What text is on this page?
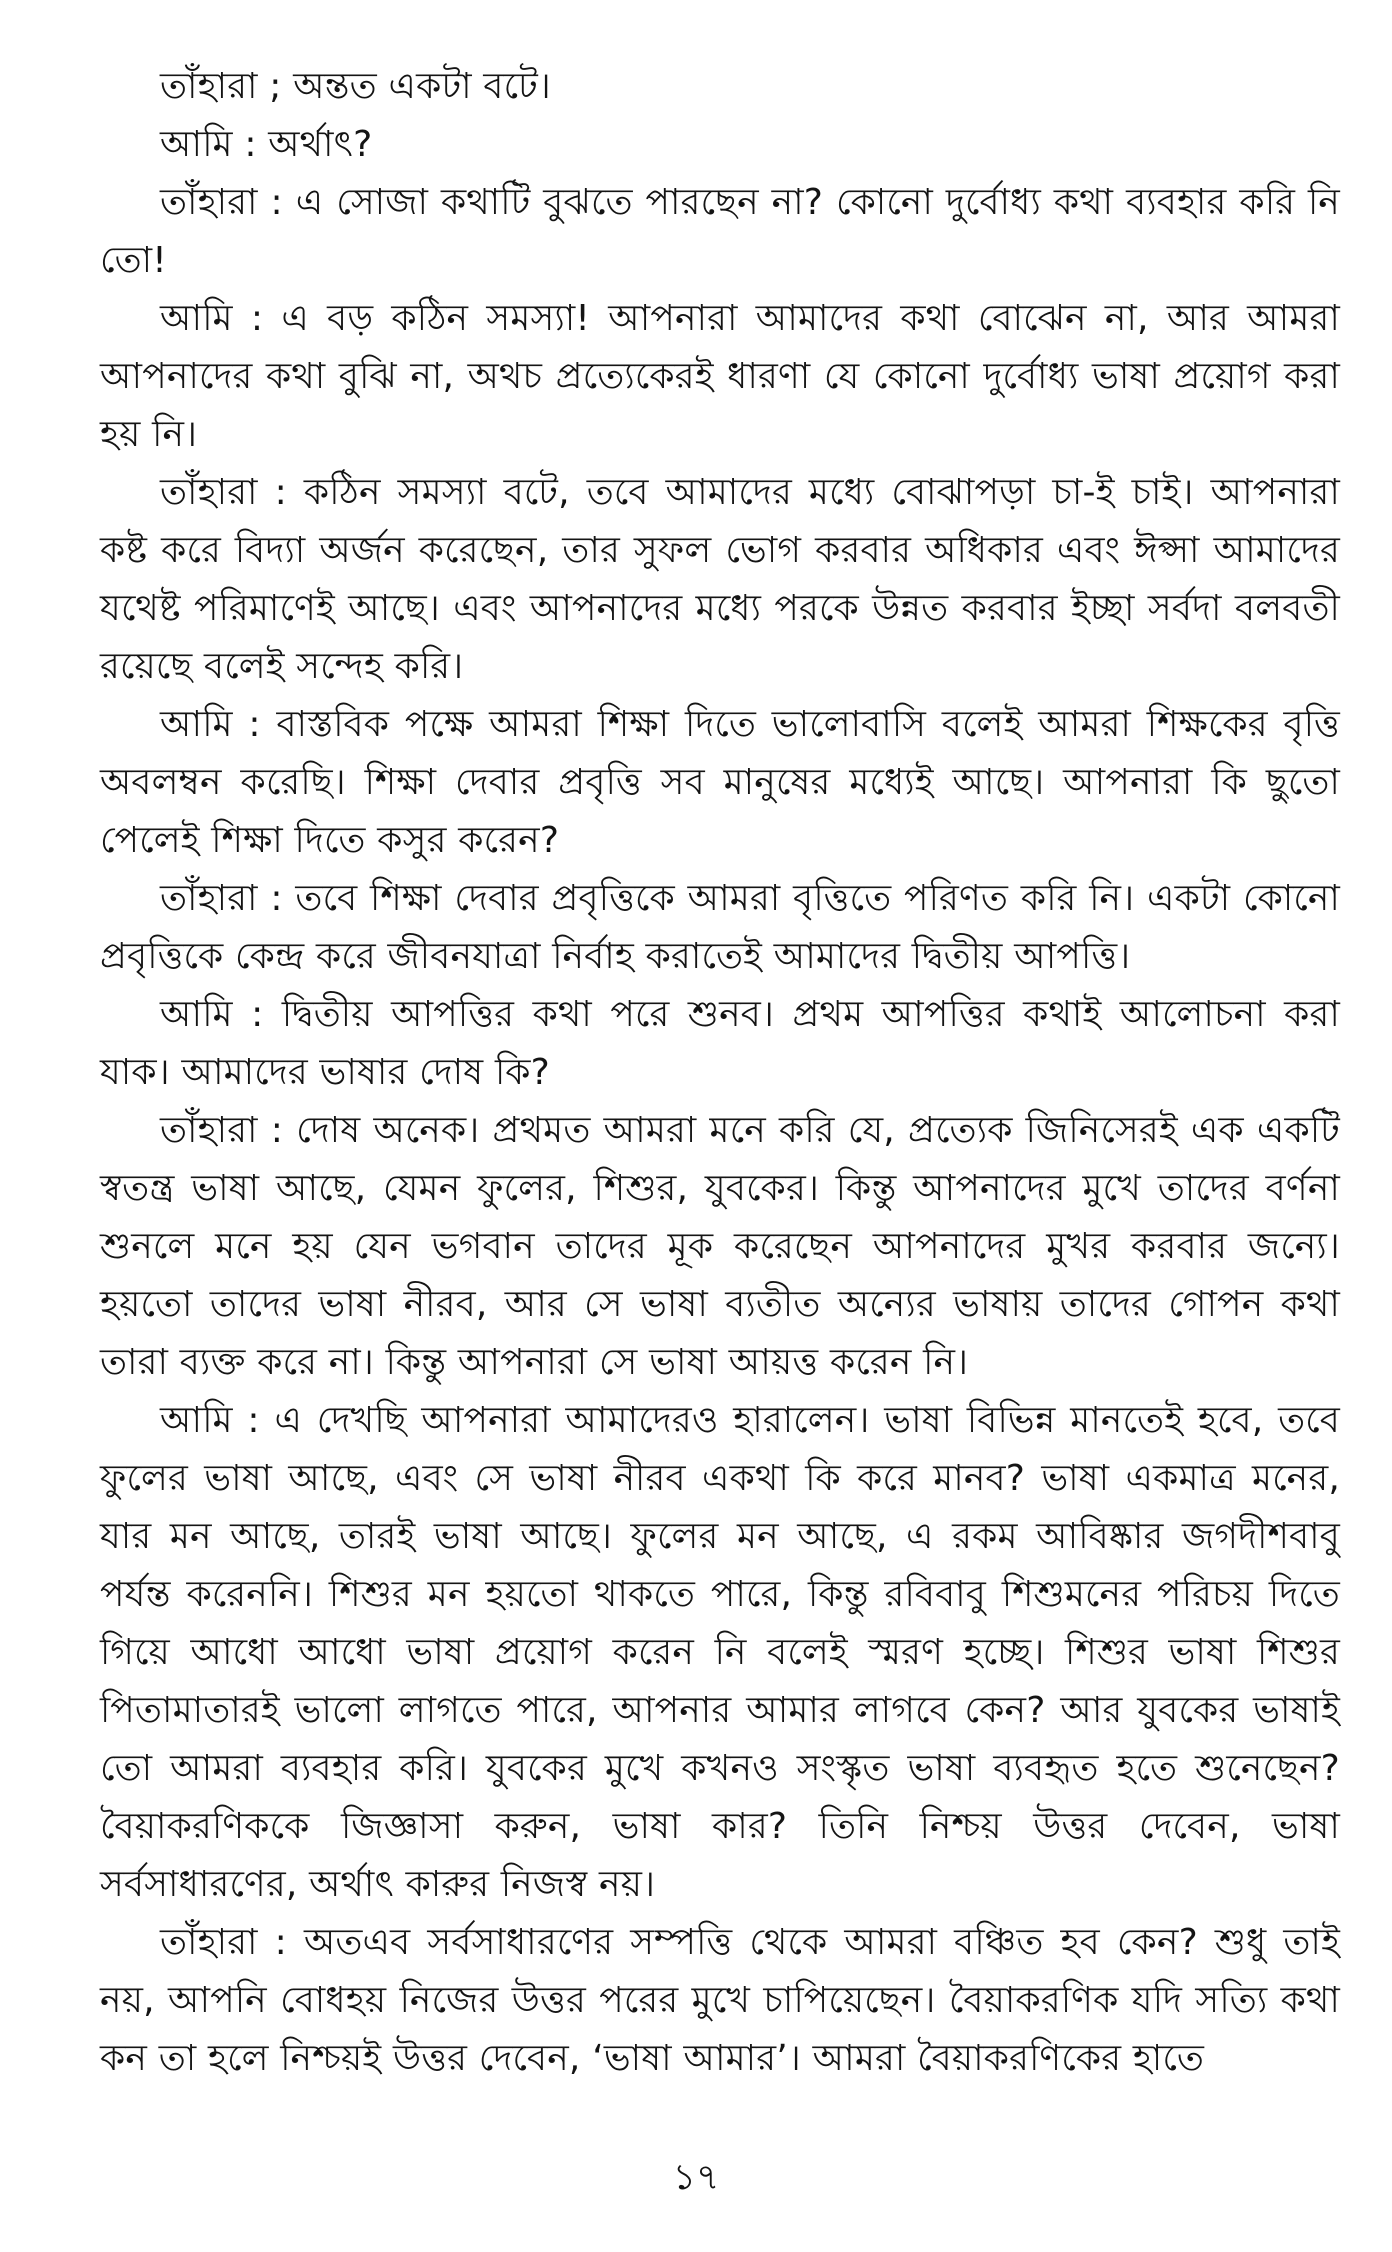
তাঁহারা ; অন্তত একটা বটে।

আমি : অর্থাৎ?

তাঁহারা : এ সোজা কথাটি বুঝতে পারছেন না? কোনো দুর্বোধ্য কথা ব্যবহার করি নি তো!

আমি : এ বড় কঠিন সমস্যা! আপনারা আমাদের কথা বোঝেন না, আর আমরা আপনাদের কথা বুঝি না, অথচ প্রত্যেকেরই ধারণা যে কোনো দুর্বোধ্য ভাষা প্রয়োগ করা হয় নি।

তাঁহারা : কঠিন সমস্যা বটে, তবে আমাদের মধ্যে বোঝাপড়া চা-ই চাই। আপনারা কষ্ট করে বিদ্যা অর্জন করেছেন, তার সুফল ভোগ করবার অধিকার এবং ঈপ্সা আমাদের যথেষ্ট পরিমাণেই আছে। এবং আপনাদের মধ্যে পরকে উন্নত করবার ইচ্ছা সর্বদা বলবতী রয়েছে বলেই সন্দেহ করি।

আমি : বাস্তবিক পক্ষে আমরা শিক্ষা দিতে ভালোবাসি বলেই আমরা শিক্ষকের বৃত্তি অবলম্বন করেছি। শিক্ষা দেবার প্রবৃত্তি সব মানুষের মধ্যেই আছে। আপনারা কি ছুতো পেলেই শিক্ষা দিতে কসুর করেন?

তাঁহারা : তবে শিক্ষা দেবার প্রবৃত্তিকে আমরা বৃত্তিতে পরিণত করি নি। একটা কোনো প্রবৃত্তিকে কেন্দ্র করে জীবনযাত্রা নির্বাহ করাতেই আমাদের দ্বিতীয় আপত্তি।

আমি : দ্বিতীয় আপত্তির কথা পরে শুনব। প্রথম আপত্তির কথাই আলোচনা করা যাক। আমাদের ভাষার দোষ কি?

তাঁহারা : দোষ অনেক। প্রথমত আমরা মনে করি যে, প্রত্যেক জিনিসেরই এক একটি স্বতন্ত্র ভাষা আছে, যেমন ফুলের, শিশুর, যুবকের। কিন্তু আপনাদের মুখে তাদের বর্ণনা শুনলে মনে হয় যেন ভগবান তাদের মূক করেছেন আপনাদের মুখর করবার জন্যে। হয়তো তাদের ভাষা নীরব, আর সে ভাষা ব্যতীত অন্যের ভাষায় তাদের গোপন কথা তারা ব্যক্ত করে না। কিন্তু আপনারা সে ভাষা আয়ত্ত করেন নি।

আমি : এ দেখছি আপনারা আমাদেরও হারালেন। ভাষা বিভিন্ন মানতেই হবে, তবে ফুলের ভাষা আছে, এবং সে ভাষা নীরব একথা কি করে মানব? ভাষা একমাত্র মনের, যার মন আছে, তারই ভাষা আছে। ফুলের মন আছে, এ রকম আবিষ্কার জগদীশবাবু পর্যন্ত করেননি। শিশুর মন হয়তো থাকতে পারে, কিন্তু রবিবাবু শিশুমনের পরিচয় দিতে গিয়ে আধো আধো ভাষা প্রয়োগ করেন নি বলেই স্মরণ হচ্ছে। শিশুর ভাষা শিশুর পিতামাতারই ভালো লাগতে পারে, আপনার আমার লাগবে কেন? আর যুবকের ভাষাই তো আমরা ব্যবহার করি। যুবকের মুখে কখনও সংস্কৃত ভাষা ব্যবহৃত হতে শুনেছেন? বৈয়াকরণিককে জিজ্ঞাসা করুন, ভাষা কার? তিনি নিশ্চয় উত্তর দেবেন, ভাষা সর্বসাধারণের, অর্থাৎ কারুর নিজস্ব নয়।

তাঁহারা : অতএব সর্বসাধারণের সম্পত্তি থেকে আমরা বঞ্চিত হব কেন? শুধু তাই নয়, আপনি বোধহয় নিজের উত্তর পরের মুখে চাপিয়েছেন। বৈয়াকরণিক যদি সত্যি কথা কন তা হলে নিশ্চয়ই উত্তর দেবেন, ‘ভাষা আমার’। আমরা বৈয়াকরণিকের হাতে

১৭
